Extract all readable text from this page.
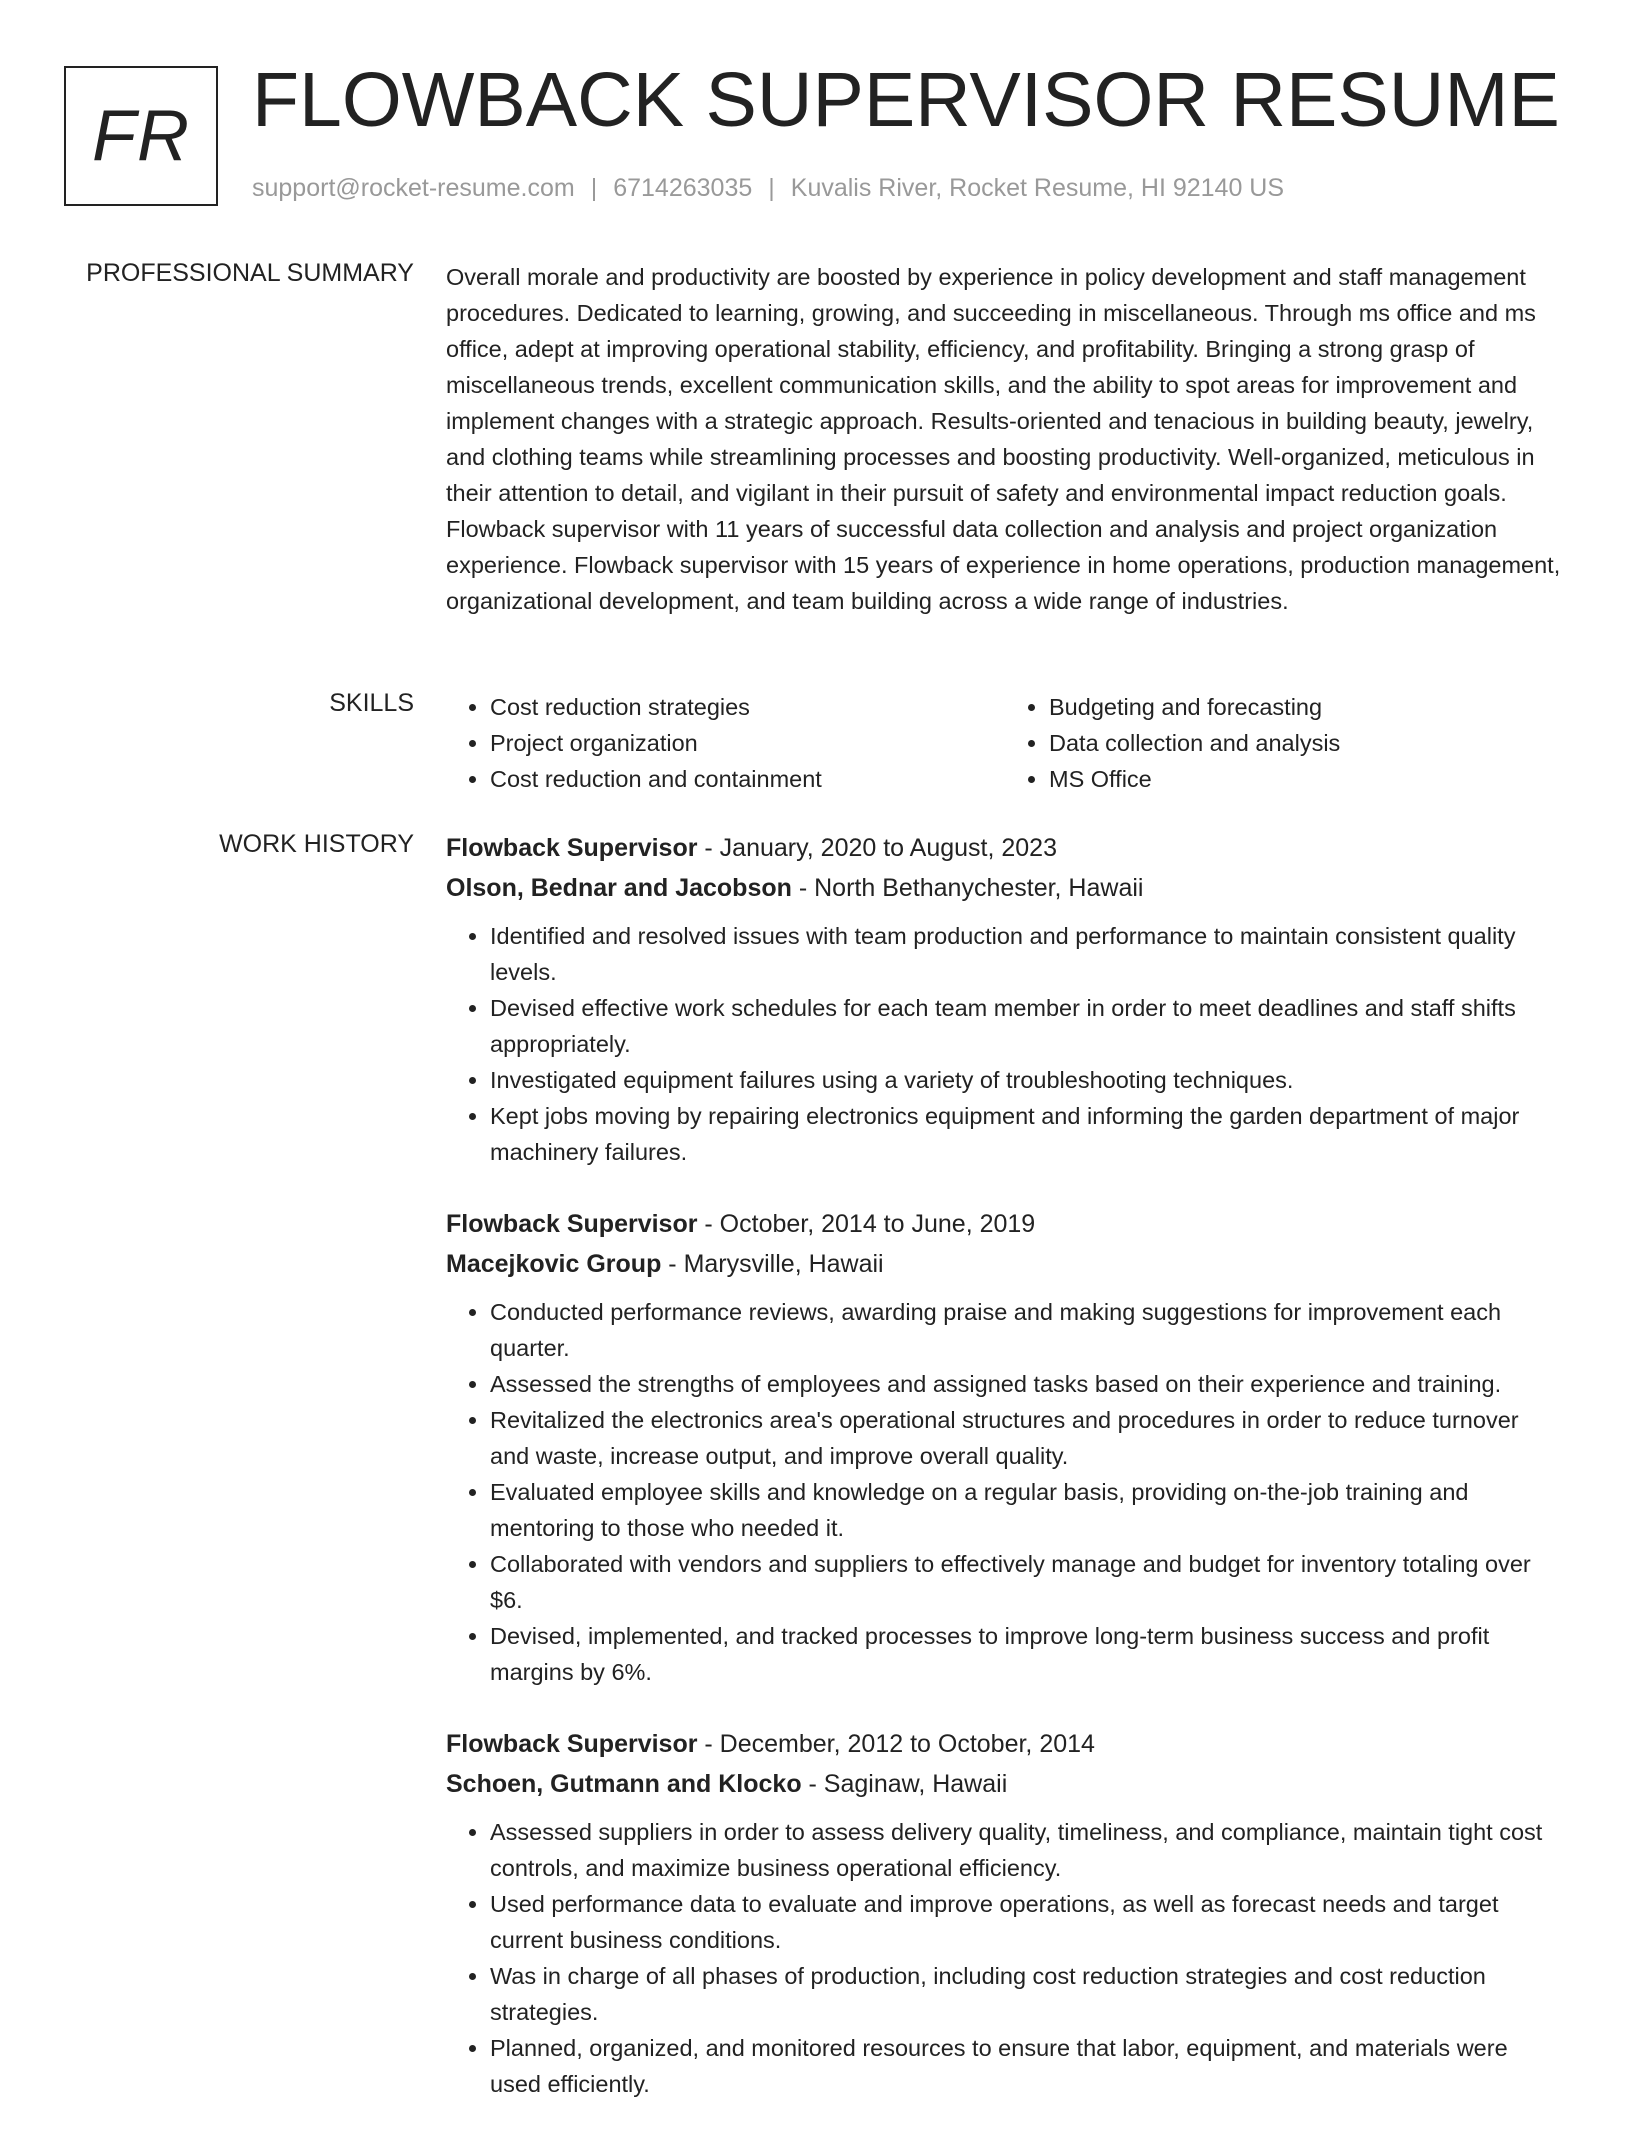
FR FLOWBACK SUPERVISOR RESUME
support@rocket-resume.com | 6714263035 | Kuvalis River, Rocket Resume, HI 92140 US
PROFESSIONAL SUMMARY Overall morale and productivity are boosted by experience in policy development and staff management procedures. Dedicated to learning, growing, and succeeding in miscellaneous. Through ms office and ms office, adept at improving operational stability, efficiency, and profitability. Bringing a strong grasp of miscellaneous trends, excellent communication skills, and the ability to spot areas for improvement and implement changes with a strategic approach. Results-oriented and tenacious in building beauty, jewelry, and clothing teams while streamlining processes and boosting productivity. Well-organized, meticulous in their attention to detail, and vigilant in their pursuit of safety and environmental impact reduction goals. Flowback supervisor with 11 years of successful data collection and analysis and project organization experience. Flowback supervisor with 15 years of experience in home operations, production management, organizational development, and team building across a wide range of industries.

SKILLS
•	Cost reduction strategies
• Project organization
• Cost reduction and containment
• Budgeting and forecasting
• Data collection and analysis
• MS Office
WORK HISTORY Flowback Supervisor - January, 2020 to August, 2023
Olson, Bednar and Jacobson - North Bethanychester, Hawaii
• Identified and resolved issues with team production and performance to maintain consistent quality levels.
• Devised effective work schedules for each team member in order to meet deadlines and staff shifts appropriately.
• Investigated equipment failures using a variety of troubleshooting techniques.
• Kept jobs moving by repairing electronics equipment and informing the garden department of major machinery failures.
Flowback Supervisor - October, 2014 to June, 2019
Macejkovic Group - Marysville, Hawaii
• Conducted performance reviews, awarding praise and making suggestions for improvement each quarter.
• Assessed the strengths of employees and assigned tasks based on their experience and training.
• Revitalized the electronics area's operational structures and procedures in order to reduce turnover and waste, increase output, and improve overall quality.
• Evaluated employee skills and knowledge on a regular basis, providing on-the-job training and mentoring to those who needed it.
• Collaborated with vendors and suppliers to effectively manage and budget for inventory totaling over $6.
• Devised, implemented, and tracked processes to improve long-term business success and profit margins by 6%.
Flowback Supervisor - December, 2012 to October, 2014
Schoen, Gutmann and Klocko - Saginaw, Hawaii
• Assessed suppliers in order to assess delivery quality, timeliness, and compliance, maintain tight cost controls, and maximize business operational efficiency.
• Used performance data to evaluate and improve operations, as well as forecast needs and target current business conditions.
• Was in charge of all phases of production, including cost reduction strategies and cost reduction strategies.
• Planned, organized, and monitored resources to ensure that labor, equipment, and materials were used efficiently.
